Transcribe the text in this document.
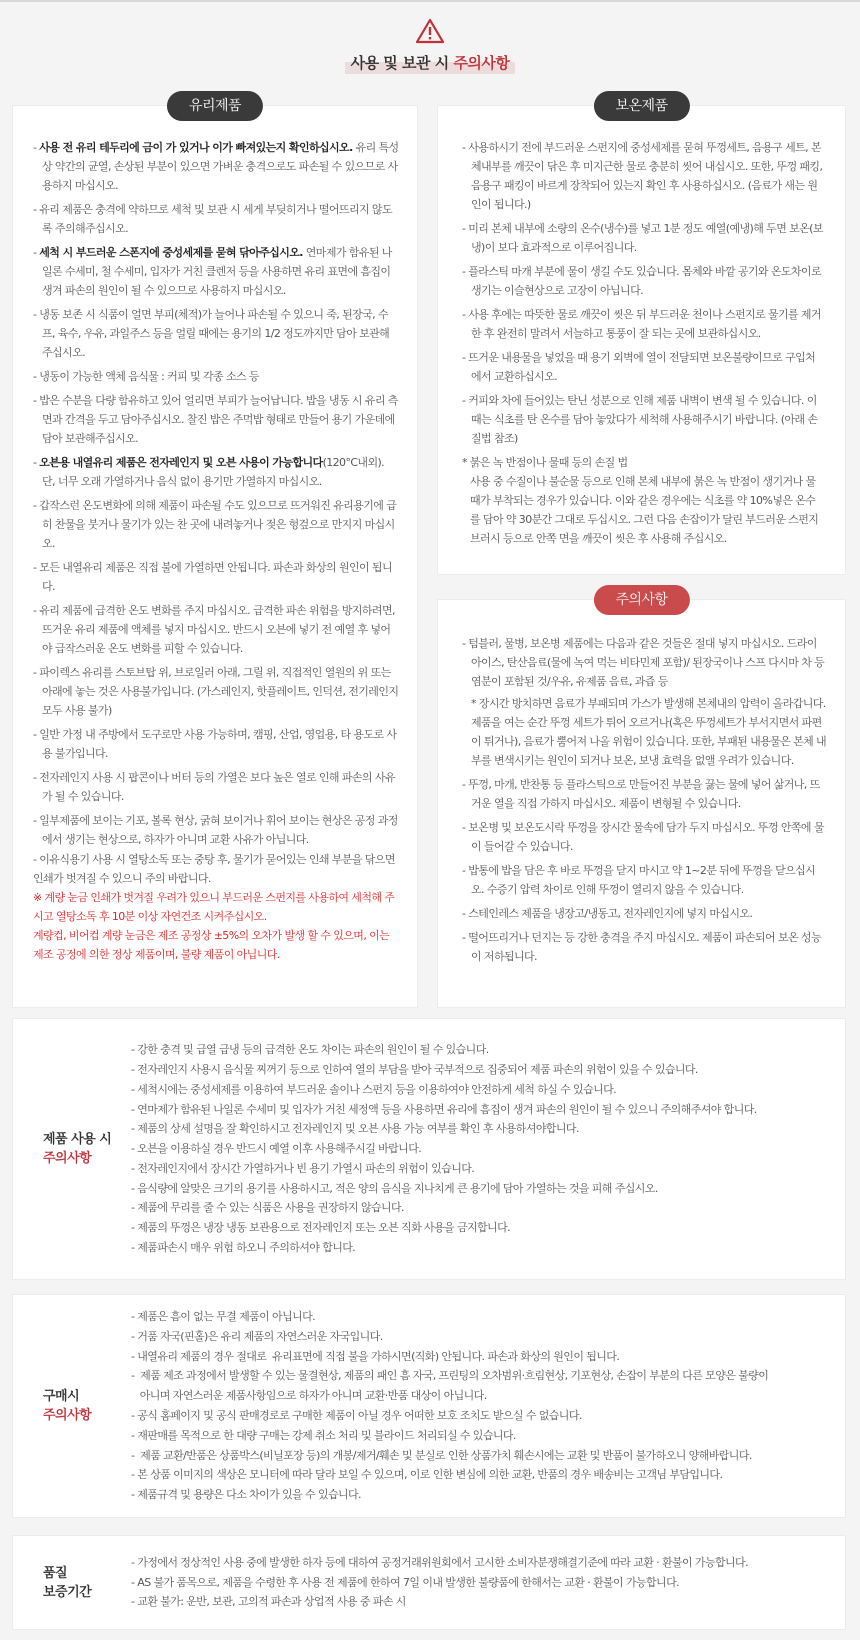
사용 및 보관 시 주의사항
유리제품
- 사용 전 유리 테두리에 금이 가 있거나 이가 빠져있는지 확인하십시오. 유리 특성 상 약간의 균열, 손상된 부분이 있으면 가벼운 충격으로도 파손될 수 있으므로 사용하지 마십시오.
- 유리 제품은 충격에 약하므로 세척 및 보관 시 세게 부딪히거나 떨어뜨리지 않도록 주의해주십시오.
- 세척 시 부드러운 스폰지에 중성세제를 묻혀 닦아주십시오. 연마제가 함유된 나일론 수세미, 철 수세미, 입자가 거친 클렌저 등을 사용하면 유리 표면에 흠집이 생겨 파손의 원인이 될 수 있으므로 사용하지 마십시오.
- 냉동 보존 시 식품이 얼면 부피(체적)가 늘어나 파손될 수 있으니 죽, 된장국, 수프, 육수, 우유, 과일주스 등을 얼릴 때에는 용기의 1/2 정도까지만 담아 보관해주십시오.
- 냉동이 가능한 액체 음식물 : 커피 및 각종 소스 등
- 밥은 수분을 다량 함유하고 있어 얼리면 부피가 늘어납니다. 밥을 냉동 시 유리 측면과 간격을 두고 담아주십시오. 찰진 밥은 주먹밥 형태로 만들어 용기 가운데에 담아 보관해주십시오.
- 오븐용 내열유리 제품은 전자레인지 및 오븐 사용이 가능합니다(120°C내외). 단, 너무 오래 가열하거나 음식 없이 용기만 가열하지 마십시오.
- 갑작스런 온도변화에 의해 제품이 파손될 수도 있으므로 뜨거워진 유리용기에 급히 찬물을 붓거나 물기가 있는 찬 곳에 내려놓거나 젖은 헝겊으로 만지지 마십시오.
- 모든 내열유리 제품은 직접 불에 가열하면 안됩니다. 파손과 화상의 원인이 됩니다.
- 유리 제품에 급격한 온도 변화를 주지 마십시오. 급격한 파손 위험을 방지하려면, 뜨거운 유리 제품에 액체를 넣지 마십시오. 반드시 오븐에 넣기 전 예열 후 넣어야 급작스러운 온도 변화를 피할 수 있습니다.
- 파이렉스 유리를 스토브탑 위, 브로일러 아래, 그릴 위, 직접적인 열원의 위 또는 아래에 놓는 것은 사용불가입니다. (가스레인지, 핫플레이트, 인덕션, 전기레인지 모두 사용 불가)
- 일반 가정 내 주방에서 도구로만 사용 가능하며, 캠핑, 산업, 영업용, 타 용도로 사용 불가입니다.
- 전자레인지 사용 시 팝콘이나 버터 등의 가열은 보다 높은 열로 인해 파손의 사유가 될 수 있습니다.
- 일부제품에 보이는 기포, 볼록 현상, 굵혀 보이거나 휘어 보이는 현상은 공정 과정에서 생기는 현상으로, 하자가 아니며 교환 사유가 아닙니다.
- 이유식용기 사용 시 열탕소독 또는 중탕 후, 물기가 묻어있는 인쇄 부분을 닦으면 인쇄가 벗겨질 수 있으니 주의 바랍니다.
※ 계량 눈금 인쇄가 벗겨질 우려가 있으니 부드러운 스펀지를 사용하여 세척해 주시고 열탕소독 후 10분 이상 자연건조 시켜주십시오.
계량컵, 비어컵 계량 눈금은 제조 공정상 ±5%의 오차가 발생 할 수 있으며, 이는 제조 공정에 의한 정상 제품이며, 불량 제품이 아닙니다.
보온제품
- 사용하시기 전에 부드러운 스펀지에 중성세제를 묻혀 뚜껑세트, 음용구 세트, 본체내부를 깨끗이 닦은 후 미지근한 물로 충분히 씻어 내십시오. 또한, 뚜껑 패킹, 음용구 패킹이 바르게 장착되어 있는지 확인 후 사용하십시오. (음료가 새는 원인이 됩니다.)
- 미리 본체 내부에 소량의 온수(냉수)를 넣고 1분 정도 예열(예냉)해 두면 보온(보냉)이 보다 효과적으로 이루어집니다.
- 플라스틱 마개 부분에 물이 생길 수도 있습니다. 몸체와 바깥 공기와 온도차이로 생기는 이슬현상으로 고장이 아닙니다.
- 사용 후에는 따뜻한 물로 깨끗이 씻은 뒤 부드러운 천이나 스펀지로 물기를 제거한 후 완전히 말려서 서늘하고 통풍이 잘 되는 곳에 보관하십시오.
- 뜨거운 내용물을 넣었을 때 용기 외벽에 열이 전달되면 보온불량이므로 구입처에서 교환하십시오.
- 커피와 차에 들어있는 탄닌 성분으로 인해 제품 내벽이 변색 될 수 있습니다. 이때는 식초를 탄 온수를 담아 놓았다가 세척해 사용해주시기 바랍니다. (아래 손질법 참조)
* 붉은 녹 반점이나 물때 등의 손질 법
사용 중 수질이나 불순물 등으로 인해 본체 내부에 붉은 녹 반점이 생기거나 물때가 부착되는 경우가 있습니다. 이와 같은 경우에는 식초를 약 10%넣은 온수를 담아 약 30분간 그대로 두십시오. 그런 다음 손잡이가 달린 부드러운 스펀지 브러시 등으로 안쪽 면을 깨끗이 씻은 후 사용해 주십시오.
주의사항
- 텀블러, 물병, 보온병 제품에는 다음과 같은 것들은 절대 넣지 마십시오. 드라이 아이스, 탄산음료(물에 녹여 먹는 비타민제 포함)/ 된장국이나 스프 다시마 차 등 염분이 포함된 것/우유, 유제품 음료, 과즙 등
* 장시간 방치하면 음료가 부패되며 가스가 발생해 본체내의 압력이 올라갑니다. 제품을 여는 순간 뚜껑 세트가 튀어 오르거나(혹은 뚜껑세트가 부서지면서 파편이 튀거나), 음료가 뿜어져 나올 위험이 있습니다. 또한, 부패된 내용물은 본체 내부를 변색시키는 원인이 되거나 보온, 보냉 효력을 없앨 우려가 있습니다.
- 뚜껑, 마개, 반찬통 등 플라스틱으로 만들어진 부분을 끓는 물에 넣어 삶거나, 뜨거운 열을 직접 가하지 마십시오. 제품이 변형될 수 있습니다.
- 보온병 및 보온도시락 뚜껑을 장시간 물속에 담가 두지 마십시오. 뚜껑 안쪽에 물이 들어갈 수 있습니다.
- 밥통에 밥을 담은 후 바로 뚜껑을 닫지 마시고 약 1~2분 뒤에 뚜껑을 닫으십시오. 수증기 압력 차이로 인해 뚜껑이 열리지 않을 수 있습니다.
- 스테인레스 제품을 냉장고/냉동고, 전자레인지에 넣지 마십시오.
- 떨어뜨리거나 던지는 등 강한 충격을 주지 마십시오. 제품이 파손되어 보온 성능이 저하됩니다.
제품 사용 시
주의사항
- 강한 충격 및 급열 급냉 등의 급격한 온도 차이는 파손의 원인이 될 수 있습니다.
- 전자레인지 사용시 음식물 찌꺼기 등으로 인하여 열의 부담을 받아 국부적으로 집중되어 제품 파손의 위험이 있을 수 있습니다.
- 세척시에는 중성세제를 이용하여 부드러운 솔이나 스펀지 등을 이용하여야 안전하게 세척 하실 수 있습니다.
- 연마제가 함유된 나일론 수세미 및 입자가 거친 세정액 등을 사용하면 유리에 흠집이 생겨 파손의 원인이 될 수 있으니 주의해주셔야 합니다.
- 제품의 상세 설명을 잘 확인하시고 전자레인지 및 오븐 사용 가능 여부를 확인 후 사용하셔야합니다.
- 오븐을 이용하실 경우 반드시 예열 이후 사용해주시길 바랍니다.
- 전자레인지에서 장시간 가열하거나 빈 용기 가열시 파손의 위험이 있습니다.
- 음식량에 알맞은 크기의 용기를 사용하시고, 적은 양의 음식을 지나치게 큰 용기에 담아 가열하는 것을 피해 주십시오.
- 제품에 무리를 줄 수 있는 식품은 사용을 권장하지 않습니다.
- 제품의 뚜껑은 냉장 냉동 보관용으로 전자레인지 또는 오븐 직화 사용을 금지합니다.
- 제품파손시 매우 위험 하오니 주의하셔야 합니다.
구매시
주의사항
- 제품은 흠이 없는 무결 제품이 아닙니다.
- 거품 자국(핀홀)은 유리 제품의 자연스러운 자국입니다.
- 내열유리 제품의 경우 절대로  유리표면에 직접 불을 가하시면(직화) 안됩니다. 파손과 화상의 원인이 됩니다.
-  제품 제조 과정에서 발생할 수 있는 물결현상, 제품의 패인 흠 자국, 프린팅의 오차범위·흐림현상, 기포현상, 손잡이 부분의 다른 모양은 불량이
아니며 자연스러운 제품사항임으로 하자가 아니며 교환·반품 대상이 아닙니다.
- 공식 홈페이지 및 공식 판매경로로 구매한 제품이 아닐 경우 어떠한 보호 조치도 받으실 수 없습니다.
- 재판매를 목적으로 한 대량 구매는 강제 취소 처리 및 블라이드 처리되실 수 있습니다.
-  제품 교환/반품은 상품박스(비닐포장 등)의 개봉/제거/훼손 및 분실로 인한 상품가치 훼손시에는 교환 및 반품이 불가하오니 양해바랍니다.
- 본 상품 이미지의 색상은 모니터에 따라 달라 보일 수 있으며, 이로 인한 변심에 의한 교환, 반품의 경우 배송비는 고객님 부담입니다.
- 제품규격 및 용량은 다소 차이가 있을 수 있습니다.
품질
보증기간
- 가정에서 정상적인 사용 중에 발생한 하자 등에 대하여 공정거래위원회에서 고시한 소비자분쟁해결기준에 따라 교환 · 환불이 가능합니다.
- AS 불가 품목으로, 제품을 수령한 후 사용 전 제품에 한하여 7일 이내 발생한 불량품에 한해서는 교환 · 환불이 가능합니다.
- 교환 불가: 운반, 보관, 고의적 파손과 상업적 사용 중 파손 시
